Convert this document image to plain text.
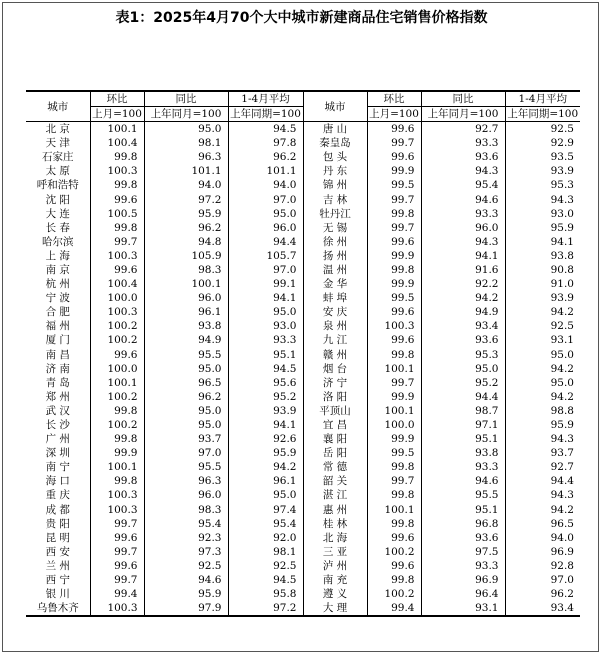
表1：2025年4月70个大中城市新建商品住宅销售价格指数
城市	环比	同比	1-4月平均	城市	环比	同比	1-4月平均
	上月=100	上年同月=100	上年同期=100		上月=100	上年同月=100	上年同期=100
北 京	100.1	95.0	94.5	唐 山	99.6	92.7	92.5
天 津	100.4	98.1	97.8	秦皇岛	99.7	93.3	92.9
石家庄	99.8	96.3	96.2	包 头	99.6	93.6	93.5
太 原	100.3	101.1	101.1	丹 东	99.9	94.3	93.9
呼和浩特	99.8	94.0	94.0	锦 州	99.5	95.4	95.3
沈 阳	99.6	97.2	97.0	吉 林	99.7	94.6	94.3
大 连	100.5	95.9	95.0	牡丹江	99.8	93.3	93.0
长 春	99.8	96.2	96.0	无 锡	99.7	96.0	95.9
哈尔滨	99.7	94.8	94.4	徐 州	99.6	94.3	94.1
上 海	100.3	105.9	105.7	扬 州	99.9	94.1	93.8
南 京	99.6	98.3	97.0	温 州	99.8	91.6	90.8
杭 州	100.4	100.1	99.1	金 华	99.9	92.2	91.0
宁 波	100.0	96.0	94.1	蚌 埠	99.5	94.2	93.9
合 肥	100.3	96.1	95.0	安 庆	99.6	94.9	94.2
福 州	100.2	93.8	93.0	泉 州	100.3	93.4	92.5
厦 门	100.2	94.9	93.3	九 江	99.6	93.6	93.1
南 昌	99.6	95.5	95.1	赣 州	99.8	95.3	95.0
济 南	100.0	95.0	94.5	烟 台	100.1	95.0	94.2
青 岛	100.1	96.5	95.6	济 宁	99.7	95.2	95.0
郑 州	100.2	96.2	95.2	洛 阳	99.9	94.4	94.2
武 汉	99.8	95.0	93.9	平顶山	100.1	98.7	98.8
长 沙	100.2	95.0	94.1	宜 昌	100.0	97.1	95.9
广 州	99.8	93.7	92.6	襄 阳	99.9	95.1	94.3
深 圳	99.9	97.0	95.9	岳 阳	99.5	93.8	93.7
南 宁	100.1	95.5	94.2	常 德	99.8	93.3	92.7
海 口	99.8	96.3	96.1	韶 关	99.7	94.6	94.4
重 庆	100.3	96.0	95.0	湛 江	99.8	95.5	94.3
成 都	100.3	98.3	97.4	惠 州	100.1	95.1	94.2
贵 阳	99.7	95.4	95.4	桂 林	99.8	96.8	96.5
昆 明	99.6	92.3	92.0	北 海	99.6	93.6	94.0
西 安	99.7	97.3	98.1	三 亚	100.2	97.5	96.9
兰 州	99.6	92.5	92.5	泸 州	99.6	93.3	92.8
西 宁	99.7	94.6	94.5	南 充	99.8	96.9	97.0
银 川	99.4	95.9	95.8	遵 义	100.2	96.4	96.2
乌鲁木齐	100.3	97.9	97.2	大 理	99.4	93.1	93.4
